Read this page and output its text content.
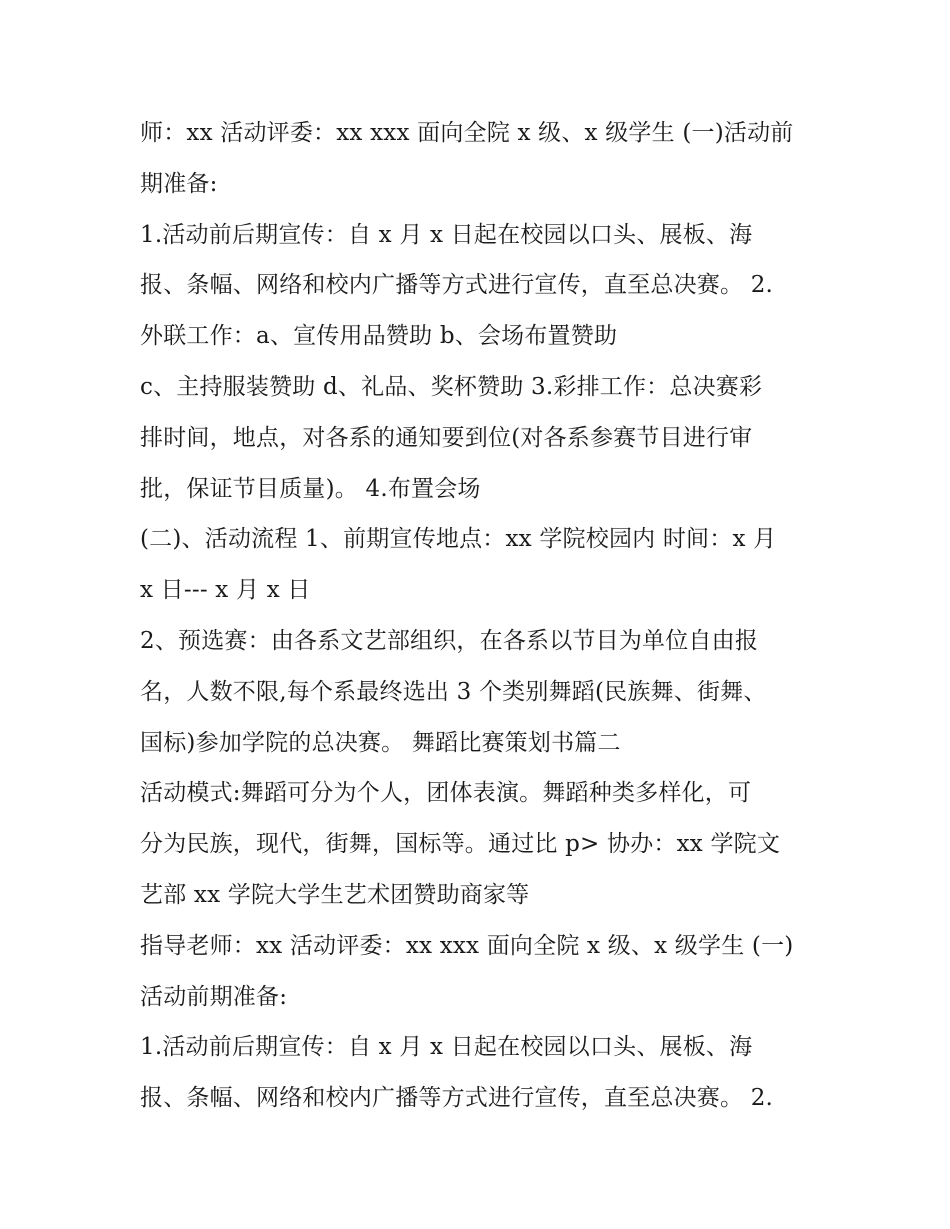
师：xx 活动评委：xx xxx 面向全院 x 级、x 级学生 (一)活动前
期准备:
1.活动前后期宣传：自 x 月 x 日起在校园以口头、展板、海
报、条幅、网络和校内广播等方式进行宣传，直至总决赛。 2.
外联工作：a、宣传用品赞助 b、会场布置赞助
c、主持服装赞助 d、礼品、奖杯赞助 3.彩排工作：总决赛彩
排时间，地点，对各系的通知要到位(对各系参赛节目进行审
批，保证节目质量)。 4.布置会场
(二)、活动流程 1、前期宣传地点：xx 学院校园内 时间：x 月
x 日--- x 月 x 日
2、预选赛：由各系文艺部组织，在各系以节目为单位自由报
名，人数不限,每个系最终选出 3 个类别舞蹈(民族舞、街舞、
国标)参加学院的总决赛。 舞蹈比赛策划书篇二
活动模式:舞蹈可分为个人，团体表演。舞蹈种类多样化，可
分为民族，现代，街舞，国标等。通过比 p> 协办：xx 学院文
艺部 xx 学院大学生艺术团赞助商家等
指导老师：xx 活动评委：xx xxx 面向全院 x 级、x 级学生 (一)
活动前期准备:
1.活动前后期宣传：自 x 月 x 日起在校园以口头、展板、海
报、条幅、网络和校内广播等方式进行宣传，直至总决赛。 2.
